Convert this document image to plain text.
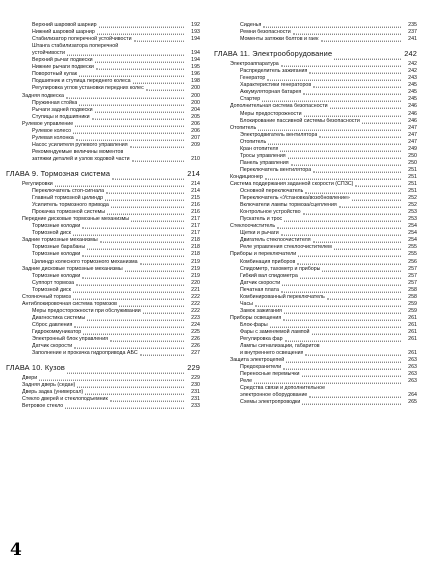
Верхний шаровой шарнир	192
Нижний шаровой шарнир	193
Стабилизатор поперечной устойчивости	194
Штанга стабилизатора поперечной
устойчивости	194
Верхний рычаг подвески	194
Нижние рычаги подвески	195
Поворотный кулак	196
Подшипник и ступица переднего колеса	198
Регулировка углов установки передних колес	200
Задняя подвеска	200
Пружинная стойка	200
Рычаги задней подвески	204
Ступицы и подшипники	205
Рулевое управление	206
Рулевое колесо	206
Рулевая колонка	207
Насос усилителя рулевого управления	209
Рекомендуемые величины моментов
затяжки деталей и узлов ходовой части	210
ГЛАВА 9. Тормозная система	214
Регулировки	214
Переключатель стоп-сигнала	214
Главный тормозной цилиндр	215
Усилитель тормозного привода	216
Прокачка тормозной системы	216
Передние дисковые тормозные механизмы	217
Тормозные колодки	217
Тормозной диск	217
Задние тормозные механизмы	218
Тормозные барабаны	218
Тормозные колодки	218
Цилиндр колесного тормозного механизма	219
Задние дисковые тормозные механизмы	219
Тормозные колодки	219
Суппорт тормоза	220
Тормозной диск	221
Стояночный тормоз	222
Антиблокировочная система тормозов	222
Меры предосторожности при обслуживании	222
Диагностика системы	223
Сброс давления	224
Гидрокоммуникатор	225
Электронный блок управления	226
Датчик скорости	226
Заполнение и прокачка гидропривода АБС	227
ГЛАВА 10. Кузов	229
Двери	229
Задняя дверь (седан)	230
Дверь задка (универсал)	231
Стекло дверей и стеклоподъемник	231
Ветровое стекло	233
Сиденья	235
Ремни безопасности	237
Моменты затяжки болтов и гаек	241
ГЛАВА 11. Электрооборудование	242
Электроаппаратура	242
Распределитель зажигания	242
Генератор	243
Характеристики генераторов	245
Аккумуляторная батарея	245
Стартер	245
Дополнительная система безопасности	246
Меры предосторожности	246
Блокирование пассивной системы безопасности	246
Отопитель	247
Электродвигатель вентилятора	247
Отопитель	247
Кран отопителя	249
Тросы управления	250
Панель управления	250
Переключатель вентилятора	251
Кондиционер	251
Система поддержания заданной скорости (СПЗС)	251
Основной переключатель	251
Переключатель «Установка/возобновление»	252
Включатели лампы тормоза/сцепления	252
Контрольное устройство	253
Пускатель и трос	253
Стеклоочиститель	254
Щетки и рычаги	254
Двигатель стеклоочистителя	254
Реле управления стеклоочистителем	255
Приборы и переключатели	255
Комбинация приборов	256
Спидометр, тахометр и приборы	257
Гибкий вал спидометра	257
Датчик скорости	257
Печатная плата	258
Комбинированный переключатель	258
Часы	259
Замок зажигания	259
Приборы освещения	261
Блок-фары	261
Фары с заменяемой лампой	261
Регулировка фар	261
Лампы сигнализации, габаритов
и внутреннего освещения	261
Защита электроцепей	263
Предохранители	263
Переносные перемычки	263
Реле	263
Средства связи и дополнительное
электронное оборудование	264
Схемы электропроводки	265
4
